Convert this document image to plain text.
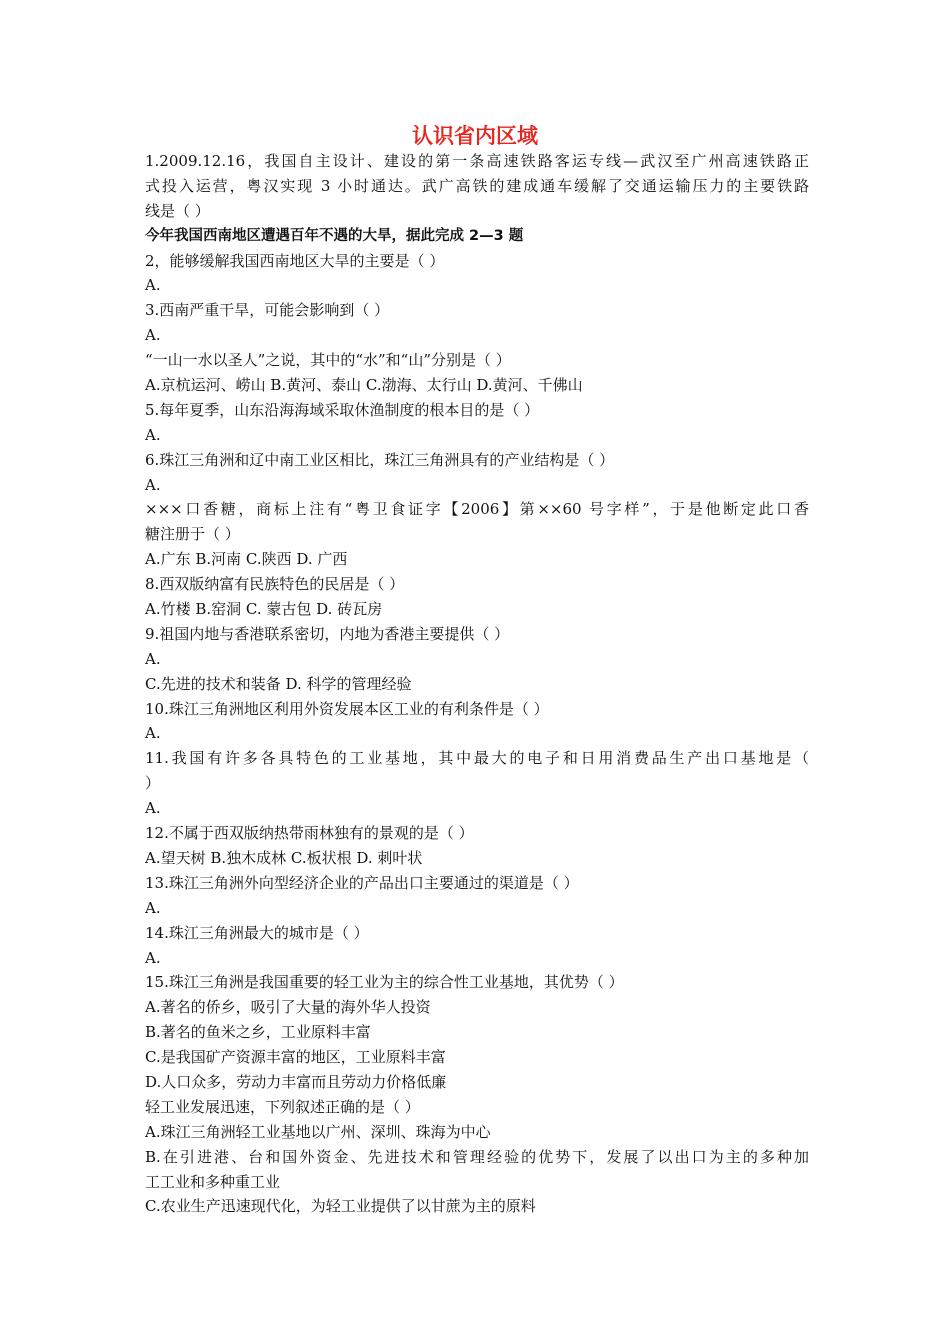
认识省内区域
1.2009.12.16，我国自主设计、建设的第一条高速铁路客运专线—武汉至广州高速铁路正
式投入运营，粤汉实现 3 小时通达。武广高铁的建成通车缓解了交通运输压力的主要铁路
线是（ ）
今年我国西南地区遭遇百年不遇的大旱，据此完成 2—3 题
2，能够缓解我国西南地区大旱的主要是（ ）
A.
3.西南严重干旱，可能会影响到（ ）
A.
“一山一水以圣人”之说，其中的“水”和“山”分别是（ ）
A.京杭运河、崂山 B.黄河、泰山 C.渤海、太行山 D.黄河、千佛山
5.每年夏季，山东沿海海域采取休渔制度的根本目的是（ ）
A.
6.珠江三角洲和辽中南工业区相比，珠江三角洲具有的产业结构是（ ）
A.
×××口香糖，商标上注有“粤卫食证字【2006】第××60 号字样”，于是他断定此口香
糖注册于（ ）
A.广东 B.河南 C.陕西 D. 广西
8.西双版纳富有民族特色的民居是（ ）
A.竹楼 B.窑洞 C. 蒙古包 D. 砖瓦房
9.祖国内地与香港联系密切，内地为香港主要提供（ ）
A.
C.先进的技术和装备 D. 科学的管理经验
10.珠江三角洲地区利用外资发展本区工业的有利条件是（ ）
A.
11.我国有许多各具特色的工业基地，其中最大的电子和日用消费品生产出口基地是（
）
A.
12.不属于西双版纳热带雨林独有的景观的是（ ）
A.望天树 B.独木成林 C.板状根 D. 刺叶状
13.珠江三角洲外向型经济企业的产品出口主要通过的渠道是（ ）
A.
14.珠江三角洲最大的城市是（ ）
A.
15.珠江三角洲是我国重要的轻工业为主的综合性工业基地，其优势（ ）
A.著名的侨乡，吸引了大量的海外华人投资
B.著名的鱼米之乡，工业原料丰富
C.是我国矿产资源丰富的地区，工业原料丰富
D.人口众多，劳动力丰富而且劳动力价格低廉
轻工业发展迅速，下列叙述正确的是（ ）
A.珠江三角洲轻工业基地以广州、深圳、珠海为中心
B.在引进港、台和国外资金、先进技术和管理经验的优势下，发展了以出口为主的多种加
工工业和多种重工业
C.农业生产迅速现代化，为轻工业提供了以甘蔗为主的原料
